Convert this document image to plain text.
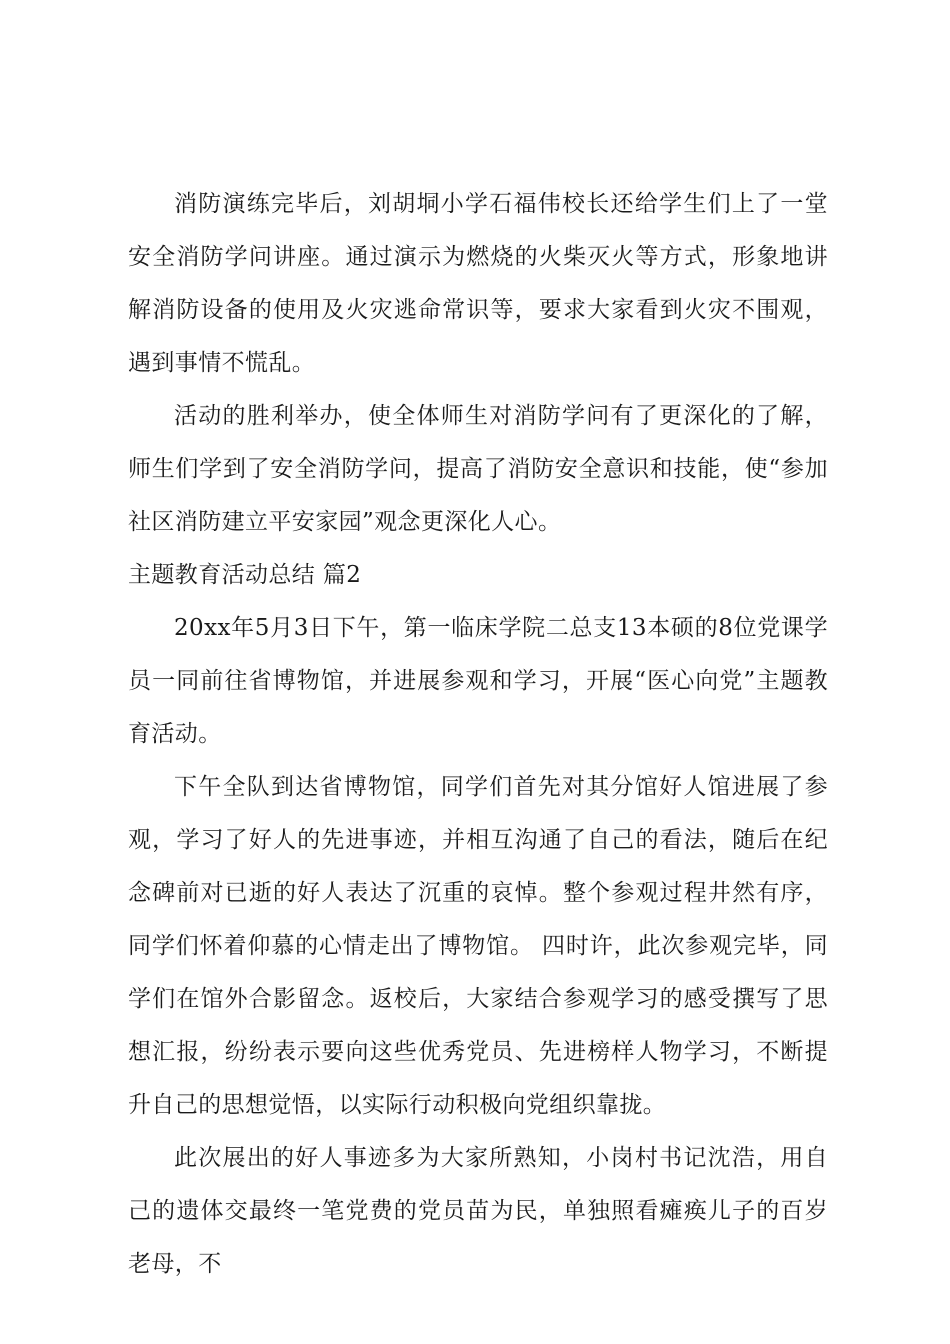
消防演练完毕后，刘胡垌小学石福伟校长还给学生们上了一堂安全消防学问讲座。通过演示为燃烧的火柴灭火等方式，形象地讲解消防设备的使用及火灾逃命常识等，要求大家看到火灾不围观，遇到事情不慌乱。

活动的胜利举办，使全体师生对消防学问有了更深化的了解，师生们学到了安全消防学问，提高了消防安全意识和技能，使“参加社区消防建立平安家园”观念更深化人心。

主题教育活动总结 篇2

20xx年5月3日下午，第一临床学院二总支13本硕的8位党课学员一同前往省博物馆，并进展参观和学习，开展“医心向党”主题教育活动。

下午全队到达省博物馆，同学们首先对其分馆好人馆进展了参观，学习了好人的先进事迹，并相互沟通了自己的看法，随后在纪念碑前对已逝的好人表达了沉重的哀悼。整个参观过程井然有序，同学们怀着仰慕的心情走出了博物馆。 四时许，此次参观完毕，同学们在馆外合影留念。返校后，大家结合参观学习的感受撰写了思想汇报，纷纷表示要向这些优秀党员、先进榜样人物学习，不断提升自己的思想觉悟，以实际行动积极向党组织靠拢。

此次展出的好人事迹多为大家所熟知，小岗村书记沈浩，用自己的遗体交最终一笔党费的党员苗为民，单独照看瘫痪儿子的百岁老母，不
